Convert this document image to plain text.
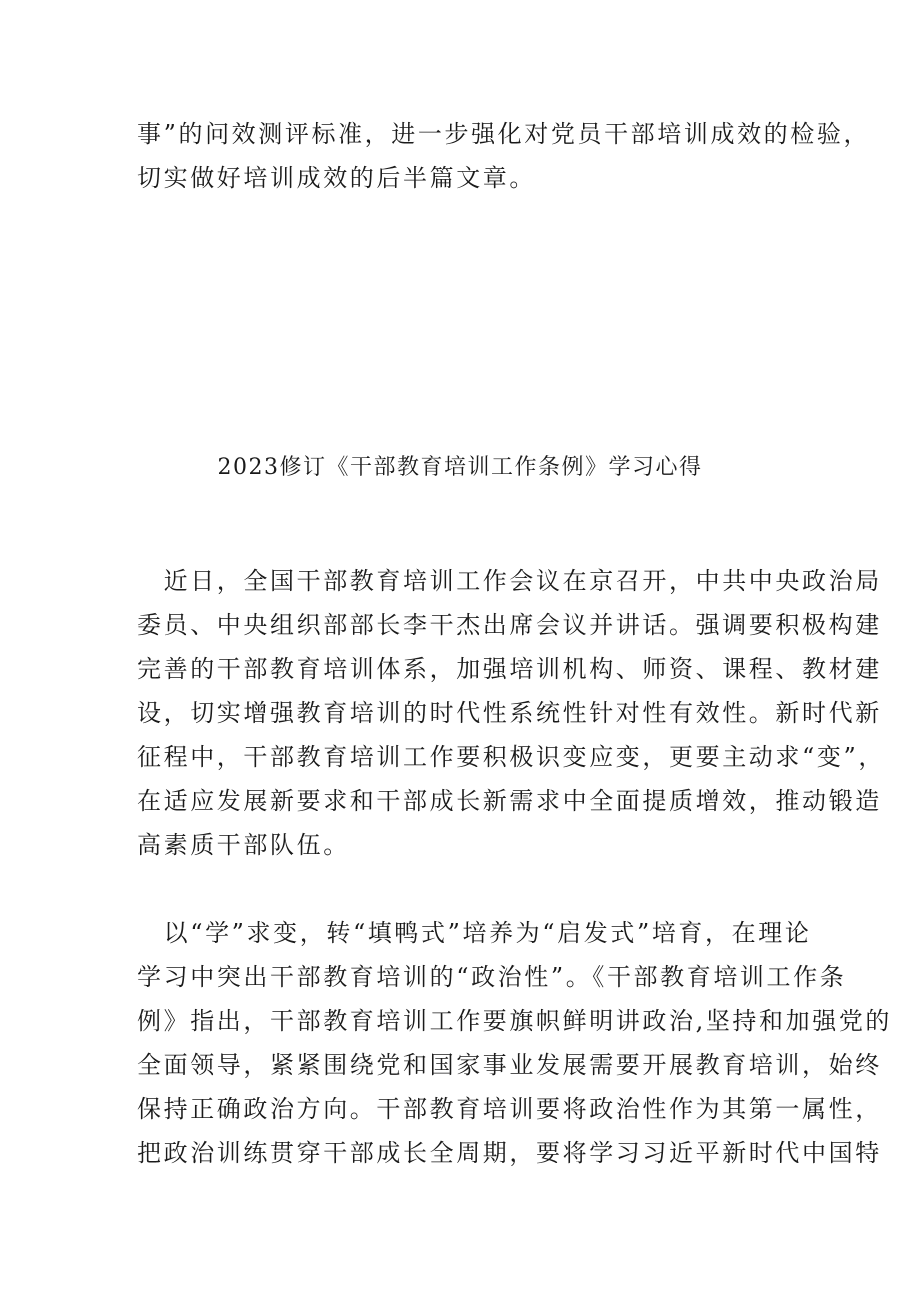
事”的问效测评标准，进一步强化对党员干部培训成效的检验，
切实做好培训成效的后半篇文章。
2023修订《干部教育培训工作条例》学习心得
　近日，全国干部教育培训工作会议在京召开，中共中央政治局
委员、中央组织部部长李干杰出席会议并讲话。强调要积极构建
完善的干部教育培训体系，加强培训机构、师资、课程、教材建
设，切实增强教育培训的时代性系统性针对性有效性。新时代新
征程中，干部教育培训工作要积极识变应变，更要主动求“变”，
在适应发展新要求和干部成长新需求中全面提质增效，推动锻造
高素质干部队伍。
　以“学”求变，转“填鸭式”培养为“启发式”培育，在理论
学习中突出干部教育培训的“政治性”。《干部教育培训工作条
例》指出，干部教育培训工作要旗帜鲜明讲政治,坚持和加强党的
全面领导，紧紧围绕党和国家事业发展需要开展教育培训，始终
保持正确政治方向。干部教育培训要将政治性作为其第一属性，
把政治训练贯穿干部成长全周期，要将学习习近平新时代中国特
